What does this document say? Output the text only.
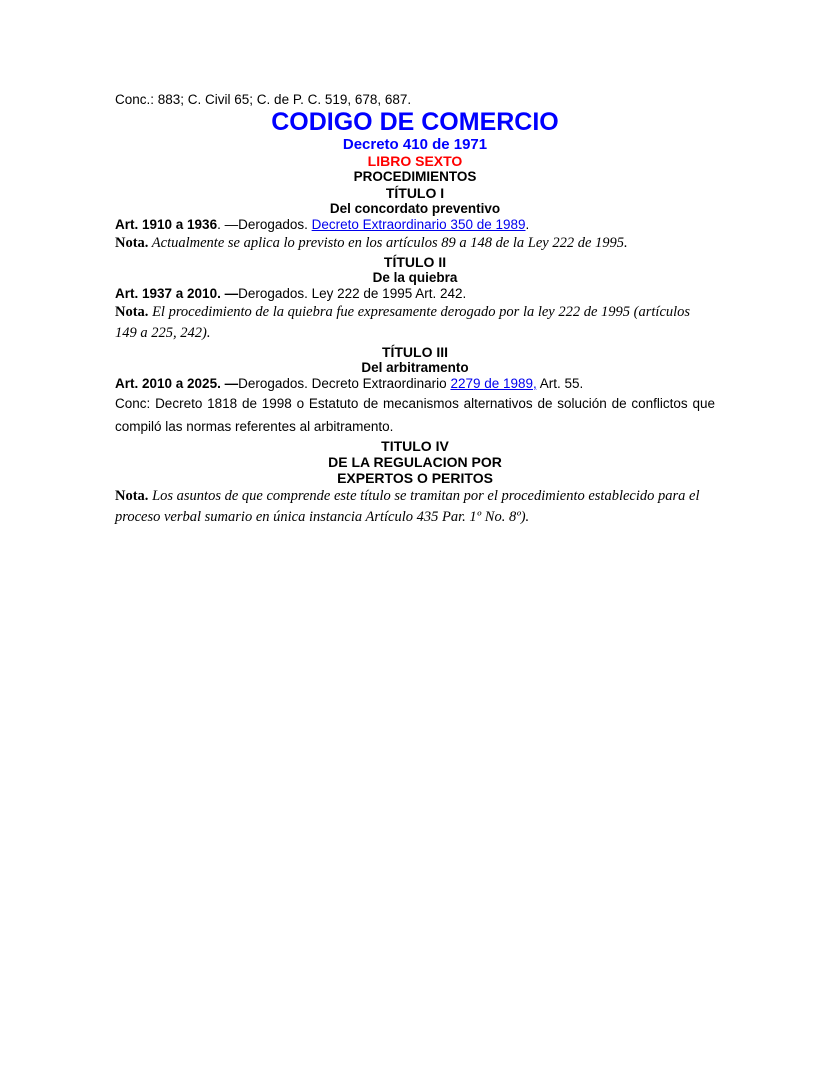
Conc.: 883; C. Civil 65; C. de P. C. 519, 678, 687.

CODIGO DE COMERCIO
Decreto 410 de 1971
LIBRO SEXTO
PROCEDIMIENTOS
TÍTULO I

Del concordato preventivo

Art. 1910 a 1936. —Derogados. Decreto Extraordinario 350 de 1989.

Nota. Actualmente se aplica lo previsto en los artículos 89 a 148 de la Ley 222 de 1995.

TÍTULO II

De la quiebra

Art. 1937 a 2010. —Derogados. Ley 222 de 1995 Art. 242.

Nota. El procedimiento de la quiebra fue expresamente derogado por la ley 222 de 1995 (artículos 149 a 225, 242).

TÍTULO III

Del arbitramento

Art. 2010 a 2025. —Derogados. Decreto Extraordinario 2279 de 1989, Art. 55.

Conc: Decreto 1818 de 1998 o Estatuto de mecanismos alternativos de solución de conflictos que compiló las normas referentes al arbitramento.

TITULO IV
DE LA REGULACION POR
EXPERTOS O PERITOS

Nota. Los asuntos de que comprende este título se tramitan por el procedimiento establecido para el proceso verbal sumario en única instancia Artículo 435 Par. 1º No. 8º).
